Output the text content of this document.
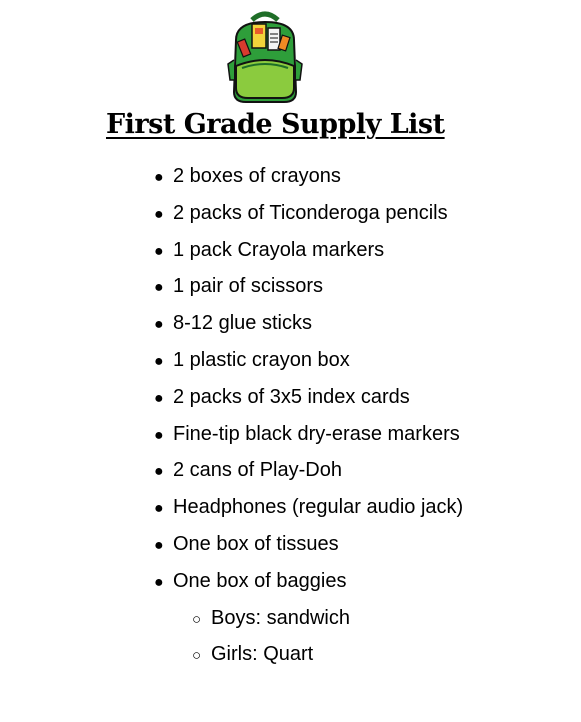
First Grade Supply List
● 2 boxes of crayons
● 2 packs of Ticonderoga pencils
● 1 pack Crayola markers
● 1 pair of scissors
● 8-12 glue sticks
● 1 plastic crayon box
● 2 packs of 3x5 index cards
● Fine-tip black dry-erase markers
● 2 cans of Play-Doh
● Headphones (regular audio jack)
● One box of tissues
● One box of baggies
○ Boys: sandwich
○ Girls: Quart
